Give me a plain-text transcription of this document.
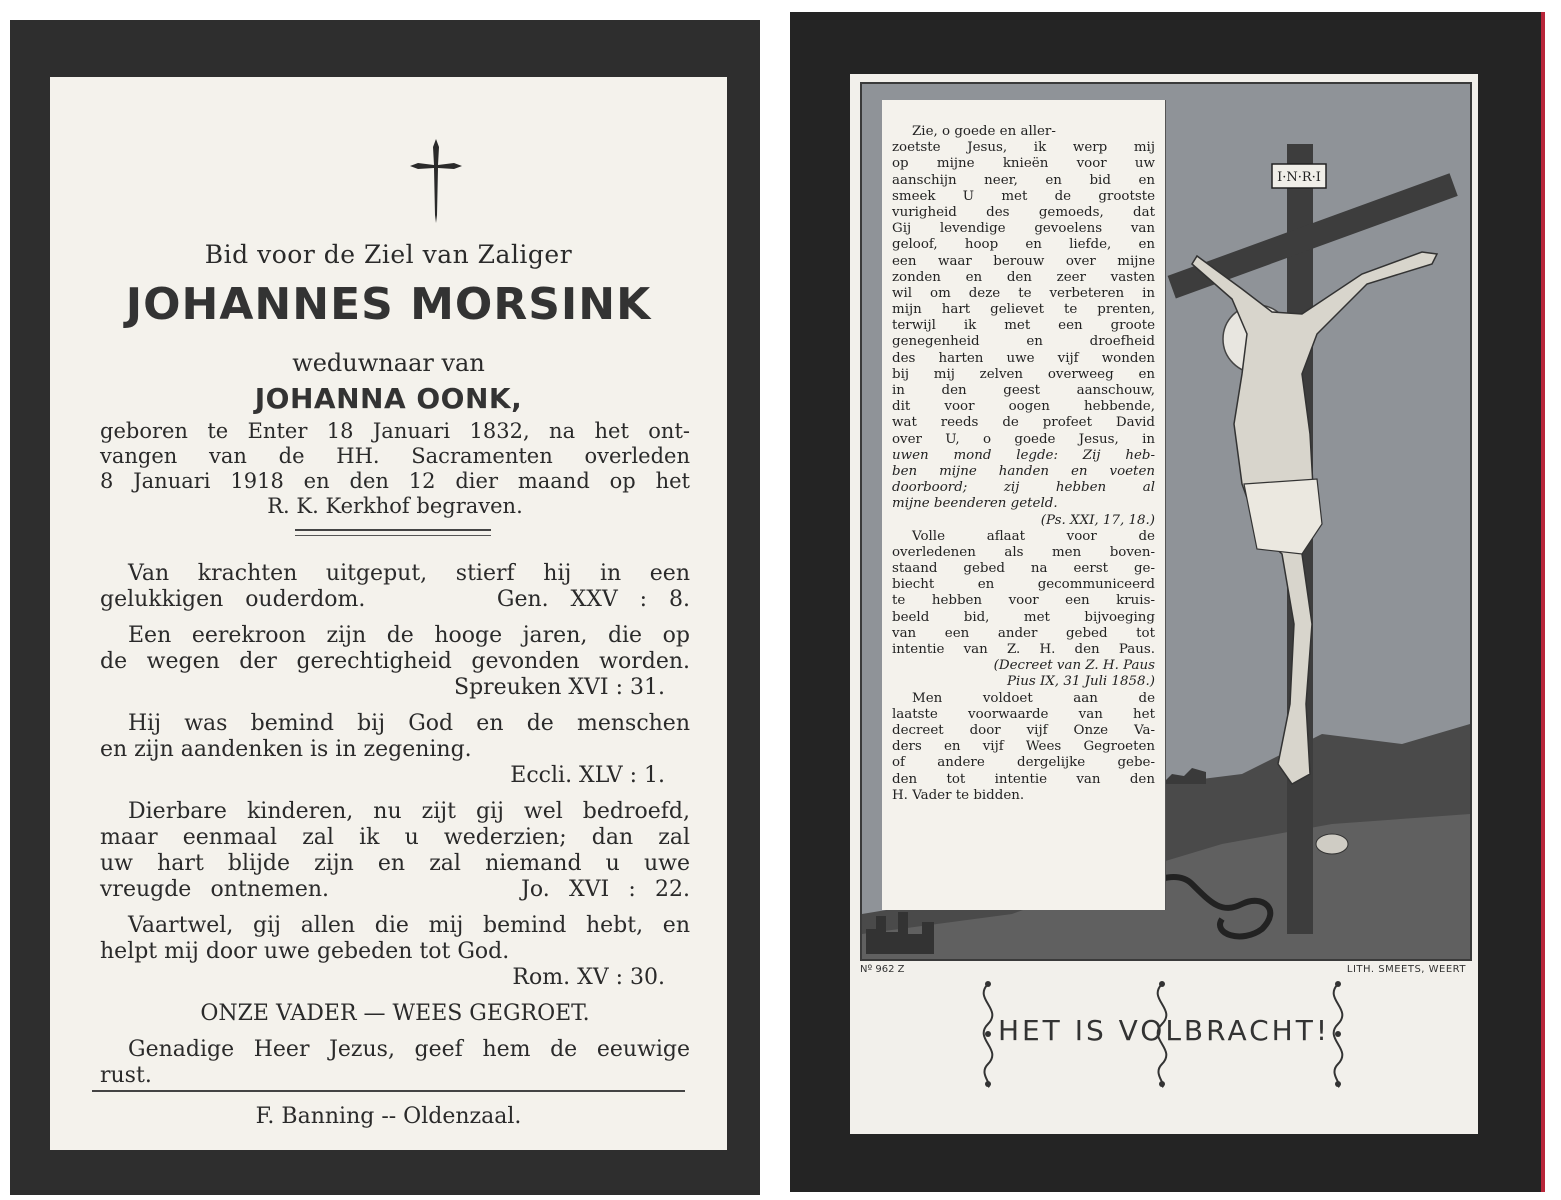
Bid voor de Ziel van Zaliger
JOHANNES MORSINK
weduwnaar van
JOHANNA OONK,
geboren te Enter 18 Januari 1832, na het ont-
vangen van de HH. Sacramenten overleden
8 Januari 1918 en den 12 dier maand op het
R. K. Kerkhof begraven.
Van krachten uitgeput, stierf hij in een
gelukkigen ouderdom.      Gen. XXV : 8.
Een eerekroon zijn de hooge jaren, die op
de wegen der gerechtigheid gevonden worden.
Spreuken XVI : 31.
Hij was bemind bij God en de menschen
en zijn aandenken is in zegening.
Eccli. XLV : 1.
Dierbare kinderen, nu zijt gij wel bedroefd,
maar eenmaal zal ik u wederzien; dan zal
uw hart blijde zijn en zal niemand u uwe
vreugde ontnemen.          Jo. XVI : 22.
Vaartwel, gij allen die mij bemind hebt, en
helpt mij door uwe gebeden tot God.
Rom. XV : 30.
ONZE VADER — WEES GEGROET.
Genadige Heer Jezus, geef hem de eeuwige
rust.
F. Banning -- Oldenzaal.
I·N·R·I
Zie, o goede en aller-
zoetste Jesus, ik werp mij
op mijne knieën voor uw
aanschijn neer, en bid en
smeek U met de grootste
vurigheid des gemoeds, dat
Gij levendige gevoelens van
geloof, hoop en liefde, en
een waar berouw over mijne
zonden en den zeer vasten
wil om deze te verbeteren in
mijn hart gelievet te prenten,
terwijl ik met een groote
genegenheid en droefheid
des harten uwe vijf wonden
bij mij zelven overweeg en
in den geest aanschouw,
dit voor oogen hebbende,
wat reeds de profeet David
over U, o goede Jesus, in
uwen mond legde: Zij heb-
ben mijne handen en voeten
doorboord; zij hebben al
mijne beenderen geteld.
(Ps. XXI, 17, 18.)
Volle aflaat voor de
overledenen als men boven-
staand gebed na eerst ge-
biecht en gecommuniceerd
te hebben voor een kruis-
beeld bid, met bijvoeging
van een ander gebed tot
intentie van Z. H. den Paus.
(Decreet van Z. H. Paus
Pius IX, 31 Juli 1858.)
Men voldoet aan de
laatste voorwaarde van het
decreet door vijf Onze Va-
ders en vijf Wees Gegroeten
of andere dergelijke gebe-
den tot intentie van den
H. Vader te bidden.
Nº 962 Z	LITH. SMEETS, WEERT
HET IS VOLBRACHT!
